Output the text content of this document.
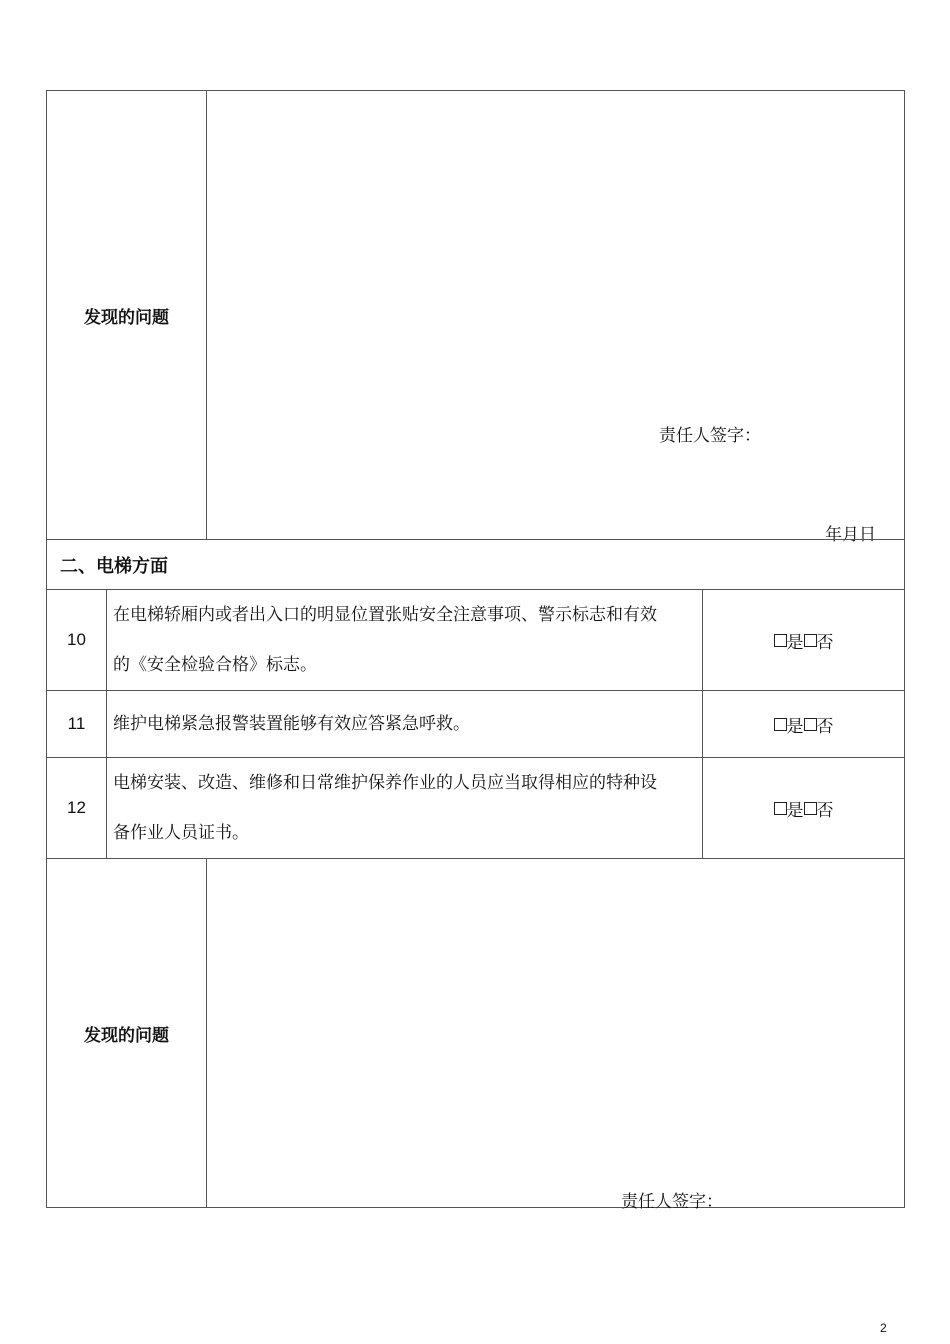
发现的问题
责任人签字：
年月日
二、电梯方面
10
在电梯轿厢内或者出入口的明显位置张贴安全注意事项、警示标志和有效
的《安全检验合格》标志。
是 否
11	维护电梯紧急报警装置能够有效应答紧急呼救。	是 否
12
电梯安装、改造、维修和日常维护保养作业的人员应当取得相应的特种设
备作业人员证书。
是 否
发现的问题
责任人签字：
2
